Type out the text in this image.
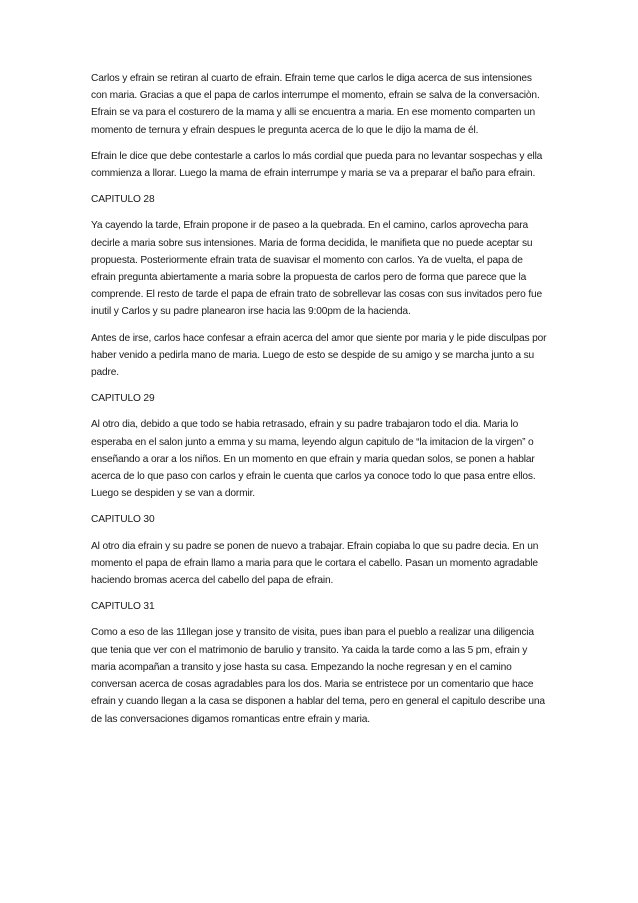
Carlos y efrain se retiran al cuarto de efrain. Efrain teme que carlos le diga acerca de sus intensiones con maria. Gracias a que el papa de carlos interrumpe el momento, efrain se salva de la conversaciòn. Efrain se va para el costurero de la mama y alli se encuentra a maria. En ese momento comparten un momento de ternura y efrain despues le pregunta acerca de lo que le dijo la mama de él.

Efrain le dice que debe contestarle a carlos lo más cordial que pueda para no levantar sospechas y ella commienza a llorar. Luego la mama de efrain interrumpe y maria se va a preparar el baño para efrain.

CAPITULO 28

Ya cayendo la tarde, Efrain propone ir de paseo a la quebrada. En el camino, carlos aprovecha para decirle a maria sobre sus intensiones. Maria de forma decidida, le manifieta que no puede aceptar su propuesta. Posteriormente efrain trata de suavisar el momento con carlos. Ya de vuelta, el papa de efrain pregunta abiertamente a maria sobre la propuesta de carlos pero de forma que parece que la comprende. El resto de tarde el papa de efrain trato de sobrellevar las cosas con sus invitados pero fue inutil y Carlos y su padre planearon irse hacia las 9:00pm de la hacienda.

Antes de irse, carlos hace confesar a efrain acerca del amor que siente por maria y le pide disculpas por haber venido a pedirla mano de maria. Luego de esto se despide de su amigo y se marcha junto a su padre.

CAPITULO 29

Al otro dia, debido a que todo se habia retrasado, efrain y su padre trabajaron todo el dia. Maria lo esperaba en el salon junto a emma y su mama, leyendo algun capitulo de “la imitacion de la virgen” o enseñando a orar a los niños. En un momento en que efrain y maria quedan solos, se ponen a hablar acerca de lo que paso con carlos y efrain le cuenta que carlos ya conoce todo lo que pasa entre ellos. Luego se despiden y se van a dormir.

CAPITULO 30

Al otro dia efrain y su padre se ponen de nuevo a trabajar. Efrain copiaba lo que su padre decia. En un momento el papa de efrain llamo a maria para que le cortara el cabello. Pasan un momento agradable haciendo bromas acerca del cabello del papa de efrain.

CAPITULO 31

Como a eso de las 11llegan jose y transito de visita, pues iban para el pueblo a realizar una diligencia que tenia que ver con el matrimonio de barulio y transito. Ya caida la tarde como a las 5 pm, efrain y maria acompañan a transito y jose hasta su casa. Empezando la noche regresan y en el camino conversan acerca de cosas agradables para los dos. Maria se entristece por un comentario que hace efrain y cuando llegan a la casa se disponen a hablar del tema, pero en general el capitulo describe una de las conversaciones digamos romanticas entre efrain y maria.
